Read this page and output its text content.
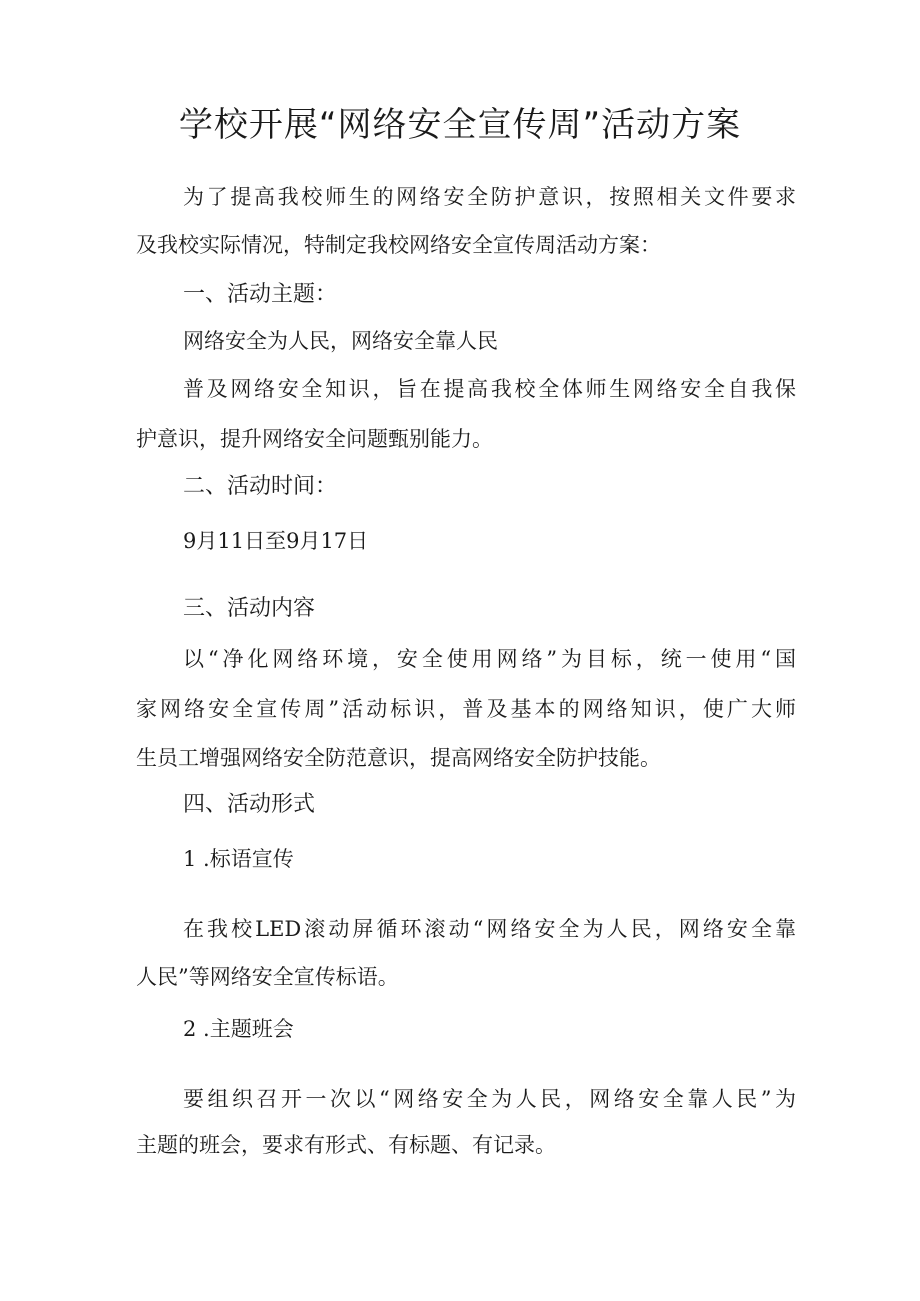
学校开展“网络安全宣传周”活动方案

为了提高我校师生的网络安全防护意识，按照相关文件要求

及我校实际情况，特制定我校网络安全宣传周活动方案：

一、活动主题：

网络安全为人民，网络安全靠人民

普及网络安全知识，旨在提高我校全体师生网络安全自我保

护意识，提升网络安全问题甄别能力。

二、活动时间：

9月11日至9月17日

三、活动内容

以“净化网络环境，安全使用网络”为目标，统一使用“国

家网络安全宣传周”活动标识，普及基本的网络知识，使广大师

生员工增强网络安全防范意识，提高网络安全防护技能。

四、活动形式

1 .标语宣传

在我校LED滚动屏循环滚动“网络安全为人民，网络安全靠

人民”等网络安全宣传标语。

2 .主题班会

要组织召开一次以“网络安全为人民，网络安全靠人民”为

主题的班会，要求有形式、有标题、有记录。
